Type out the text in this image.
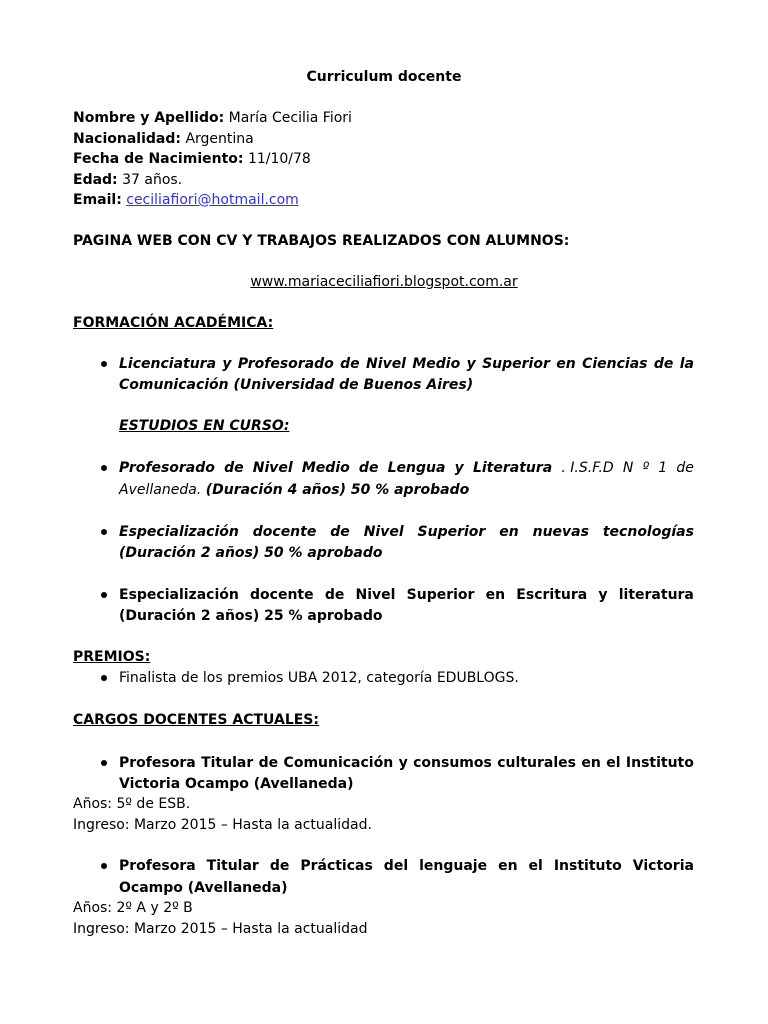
Curriculum docente
Nombre y Apellido: María Cecilia Fiori
Nacionalidad: Argentina
Fecha de Nacimiento: 11/10/78
Edad: 37 años.
Email: ceciliafiori@hotmail.com
PAGINA WEB CON CV Y TRABAJOS REALIZADOS CON ALUMNOS:
www.mariaceciliafiori.blogspot.com.ar
FORMACIÓN ACADÉMICA:
Licenciatura y Profesorado de Nivel Medio y Superior en Ciencias de la
Comunicación (Universidad de Buenos Aires)
ESTUDIOS EN CURSO:
Profesorado de Nivel Medio de Lengua y Literatura . I.S.F.D N º 1 de
Avellaneda. (Duración 4 años) 50 % aprobado
Especialización docente de Nivel Superior en nuevas tecnologías
(Duración 2 años) 50 % aprobado
Especialización docente de Nivel Superior en Escritura y literatura
(Duración 2 años) 25 % aprobado
PREMIOS:
Finalista de los premios UBA 2012, categoría EDUBLOGS.
CARGOS DOCENTES ACTUALES:
Profesora Titular de Comunicación y consumos culturales en el Instituto
Victoria Ocampo (Avellaneda)
Años: 5º de ESB.
Ingreso: Marzo 2015 – Hasta la actualidad.
Profesora Titular de Prácticas del lenguaje en el Instituto Victoria
Ocampo (Avellaneda)
Años: 2º A y 2º B
Ingreso: Marzo 2015 – Hasta la actualidad
